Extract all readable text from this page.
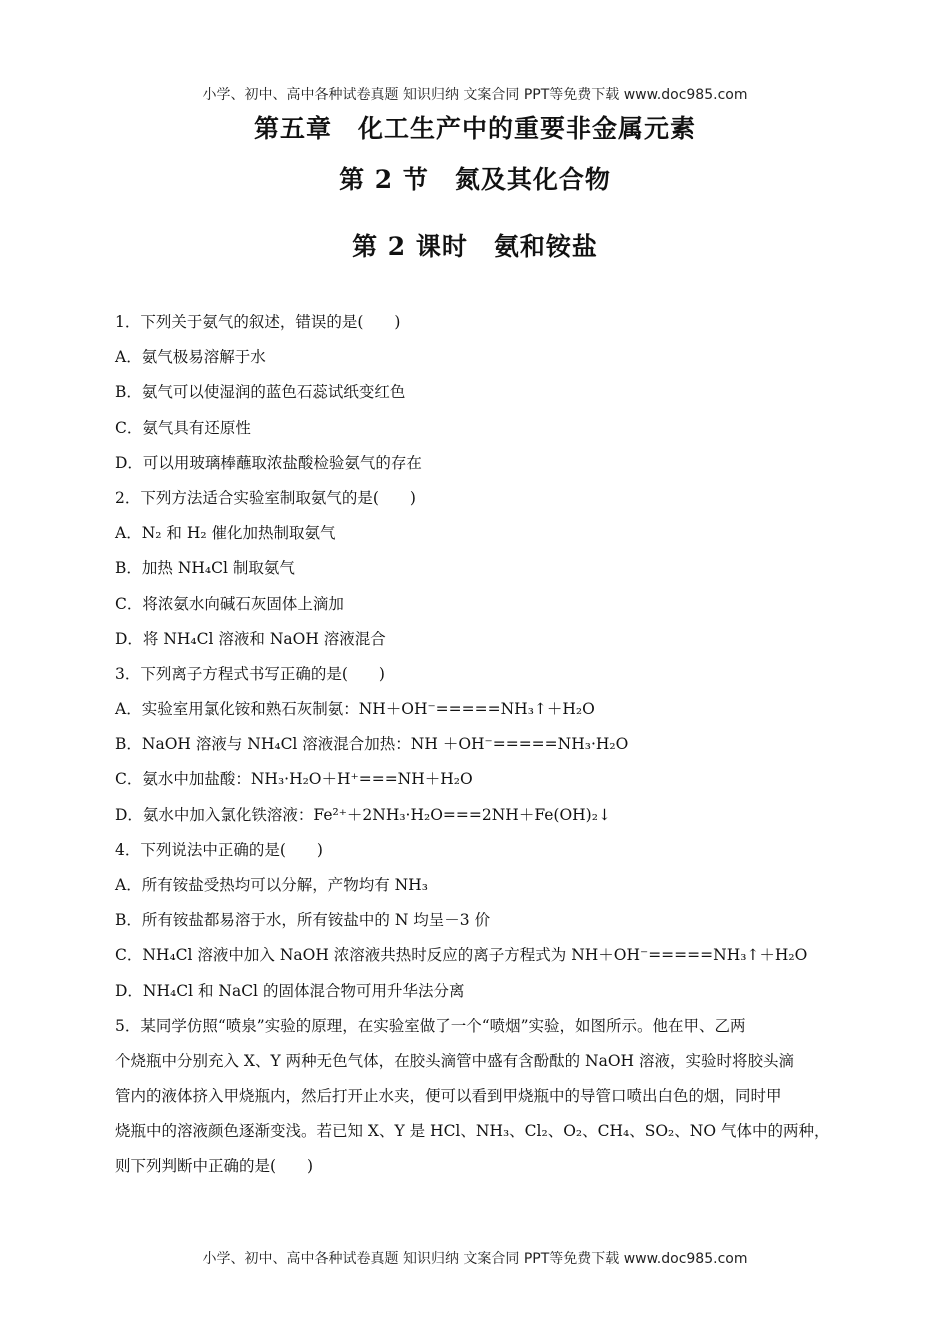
小学、初中、高中各种试卷真题 知识归纳 文案合同 PPT等免费下载 www.doc985.com
第五章　化工生产中的重要非金属元素
第 2 节　氮及其化合物
第 2 课时　氨和铵盐
1．下列关于氨气的叙述，错误的是(　　)
A．氨气极易溶解于水
B．氨气可以使湿润的蓝色石蕊试纸变红色
C．氨气具有还原性
D．可以用玻璃棒蘸取浓盐酸检验氨气的存在
2．下列方法适合实验室制取氨气的是(　　)
A．N₂ 和 H₂ 催化加热制取氨气
B．加热 NH₄Cl 制取氨气
C．将浓氨水向碱石灰固体上滴加
D．将 NH₄Cl 溶液和 NaOH 溶液混合
3．下列离子方程式书写正确的是(　　)
A．实验室用氯化铵和熟石灰制氨：NH＋OH⁻=====NH₃↑＋H₂O
B．NaOH 溶液与 NH₄Cl 溶液混合加热：NH ＋OH⁻=====NH₃·H₂O
C．氨水中加盐酸：NH₃·H₂O＋H⁺===NH＋H₂O
D．氨水中加入氯化铁溶液：Fe²⁺＋2NH₃·H₂O===2NH＋Fe(OH)₂↓
4．下列说法中正确的是(　　)
A．所有铵盐受热均可以分解，产物均有 NH₃
B．所有铵盐都易溶于水，所有铵盐中的 N 均呈－3 价
C．NH₄Cl 溶液中加入 NaOH 浓溶液共热时反应的离子方程式为 NH＋OH⁻=====NH₃↑＋H₂O
D．NH₄Cl 和 NaCl 的固体混合物可用升华法分离
5．某同学仿照“喷泉”实验的原理，在实验室做了一个“喷烟”实验，如图所示。他在甲、乙两
个烧瓶中分别充入 X、Y 两种无色气体，在胶头滴管中盛有含酚酞的 NaOH 溶液，实验时将胶头滴
管内的液体挤入甲烧瓶内，然后打开止水夹，便可以看到甲烧瓶中的导管口喷出白色的烟，同时甲
烧瓶中的溶液颜色逐渐变浅。若已知 X、Y 是 HCl、NH₃、Cl₂、O₂、CH₄、SO₂、NO 气体中的两种，
则下列判断中正确的是(　　)
小学、初中、高中各种试卷真题 知识归纳 文案合同 PPT等免费下载 www.doc985.com
